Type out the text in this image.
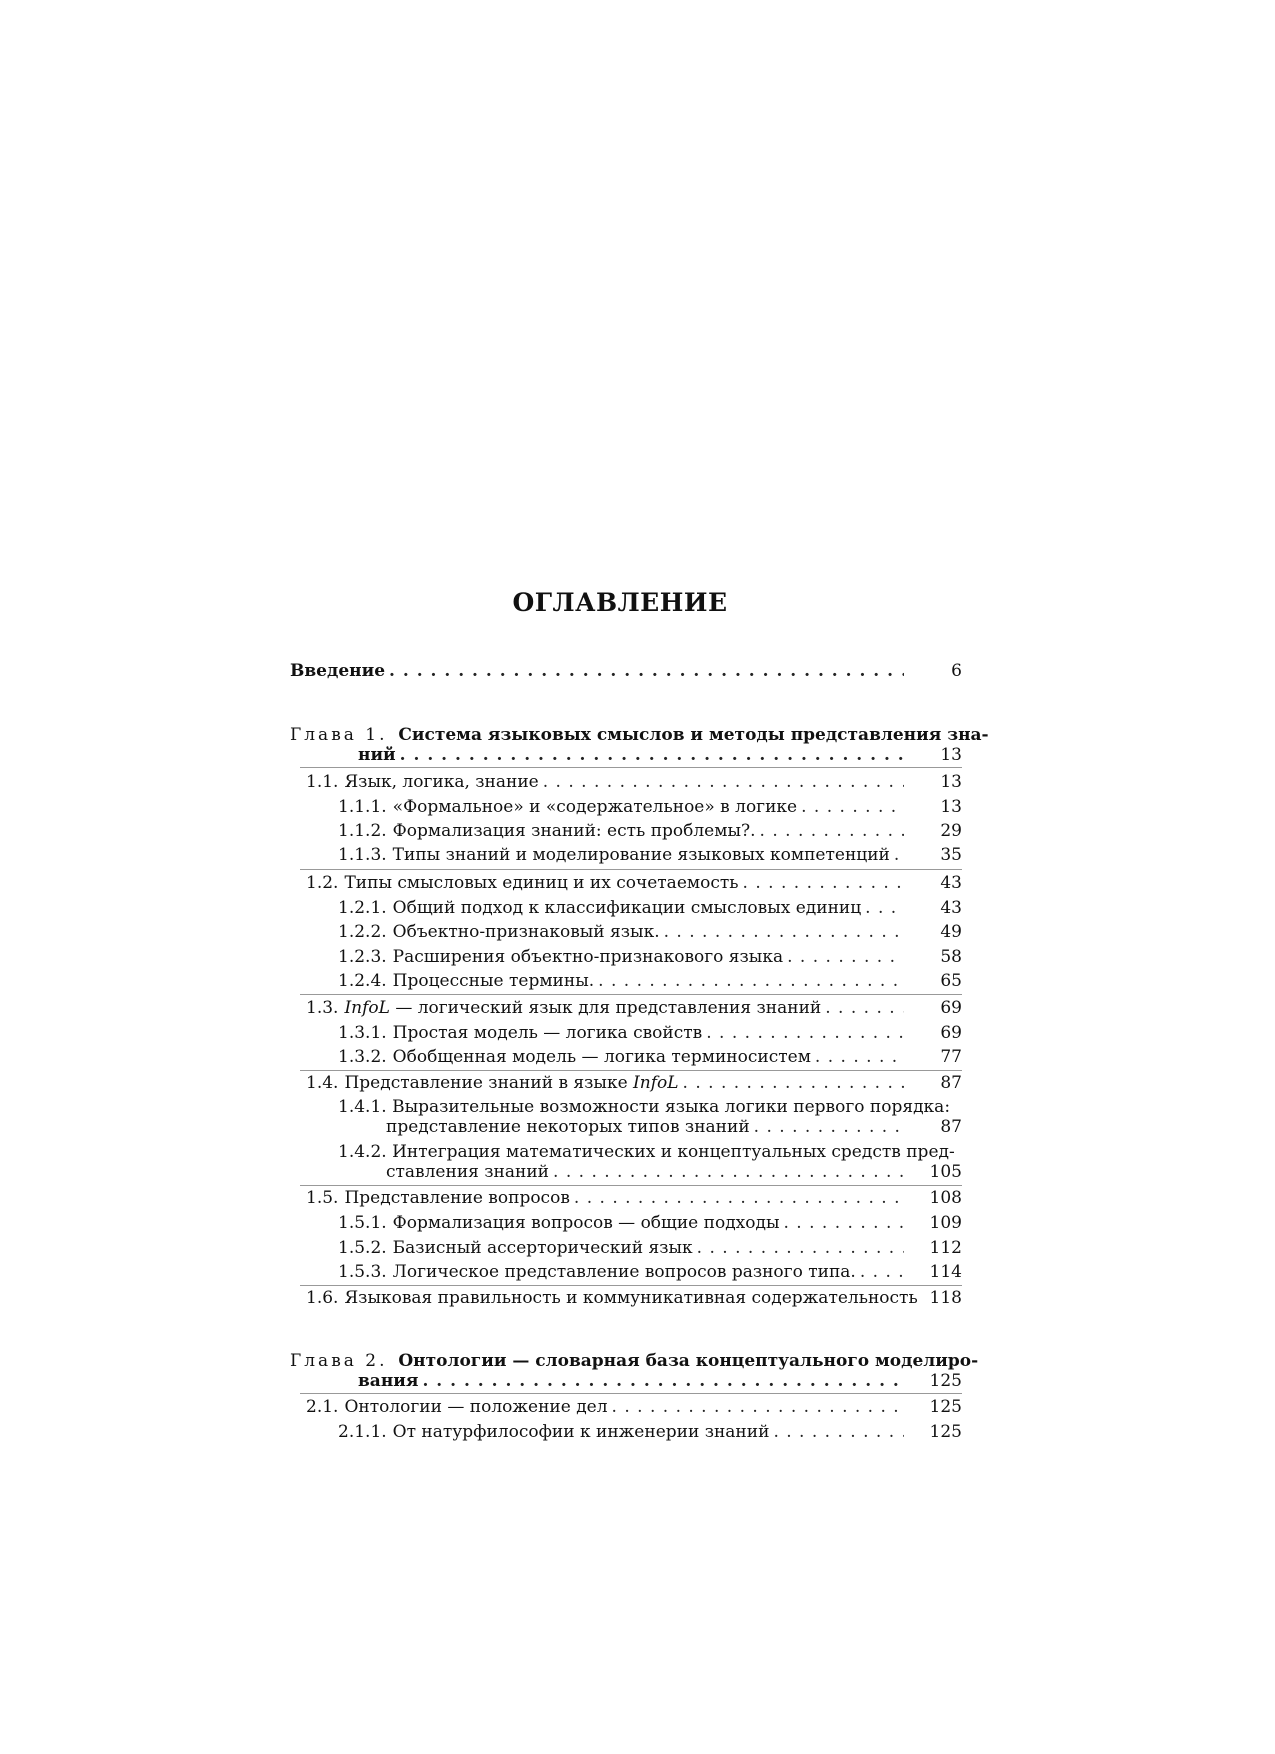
ОГЛАВЛЕНИЕ
Введение . . .	6
Глава 1. Система языковых смыслов и методы представления зна-
ний . . .	13
1.1. Язык, логика, знание . . .	13
1.1.1. «Формальное» и «содержательное» в логике . . .	13
1.1.2. Формализация знаний: есть проблемы?. . . .	29
1.1.3. Типы знаний и моделирование языковых компетенций . . .	35
1.2. Типы смысловых единиц и их сочетаемость . . .	43
1.2.1. Общий подход к классификации смысловых единиц . . .	43
1.2.2. Объектно-признаковый язык. . . .	49
1.2.3. Расширения объектно-признакового языка . . .	58
1.2.4. Процессные термины. . . .	65
1.3. InfoL — логический язык для представления знаний . . .	69
1.3.1. Простая модель — логика свойств . . .	69
1.3.2. Обобщенная модель — логика терминосистем . . .	77
1.4. Представление знаний в языке InfoL . . .	87
1.4.1. Выразительные возможности языка логики первого порядка:
представление некоторых типов знаний . . .	87
1.4.2. Интеграция математических и концептуальных средств пред-
ставления знаний . . .	105
1.5. Представление вопросов . . .	108
1.5.1. Формализация вопросов — общие подходы . . .	109
1.5.2. Базисный ассерторический язык . . .	112
1.5.3. Логическое представление вопросов разного типа. . . .	114
1.6. Языковая правильность и коммуникативная содержательность 118
Глава 2. Онтологии — словарная база концептуального моделиро-
вания . . .	125
2.1. Онтологии — положение дел . . .	125
2.1.1. От натурфилософии к инженерии знаний . . .	125
